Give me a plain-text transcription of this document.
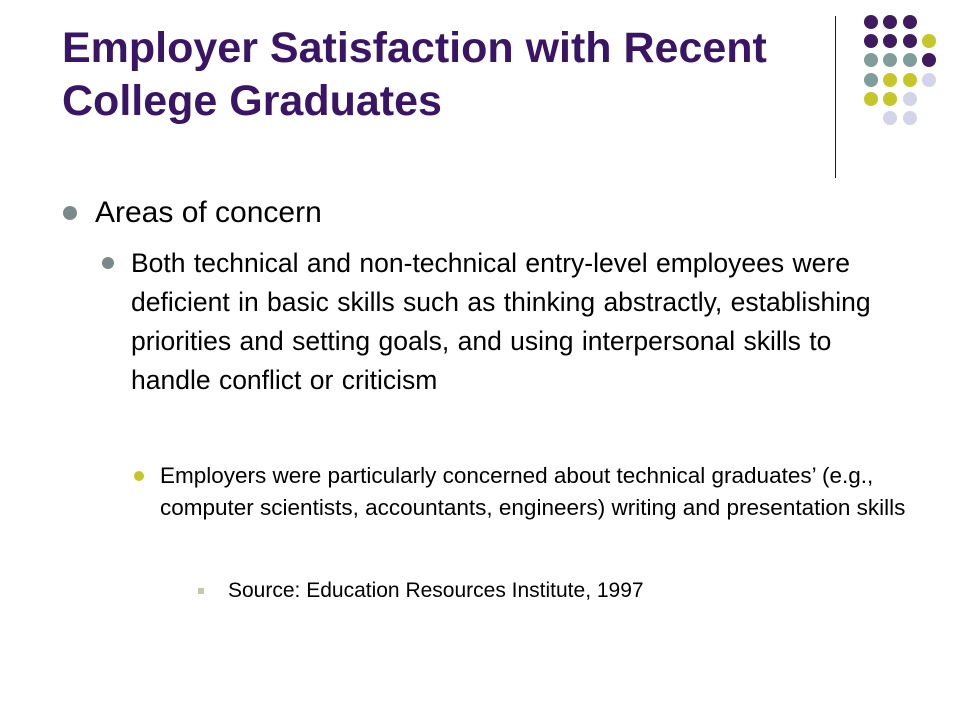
Employer Satisfaction with Recent College Graduates
Areas of concern
Both technical and non-technical entry-level employees were deficient in basic skills such as thinking abstractly, establishing priorities and setting goals, and using interpersonal skills to handle conflict or criticism
Employers were particularly concerned about technical graduates’ (e.g., computer scientists, accountants, engineers) writing and presentation skills
Source: Education Resources Institute, 1997
